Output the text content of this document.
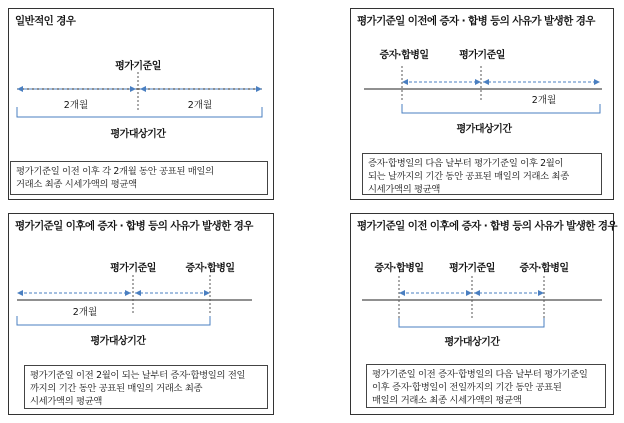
일반적인 경우
평가기준일
2개월	2개월
평가대상기간
평가기준일 이전 이후 각 2개월 동안 공표된 매일의
거래소 최종 시세가액의 평균액
평가기준일 이전에 증자 · 합병 등의 사유가 발생한 경우
증자·합병일	평가기준일
2개월
평가대상기간
증자·합병일의 다음 날부터 평가기준일 이후 2월이
되는 날까지의 기간 동안 공표된 매일의 거래소 최종
시세가액의 평균액
평가기준일 이후에 증자 · 합병 등의 사유가 발생한 경우
평가기준일	증자·합병일
2개월
평가대상기간
평가기준일 이전 2월이 되는 날부터 증자·합병일의 전일
까지의 기간 동안 공표된 매일의 거래소 최종
시세가액의 평균액
평가기준일 이전 이후에 증자 · 합병 등의 사유가 발생한 경우
증자·합병일	평가기준일 증자·합병일
평가대상기간
평가기준일 이전 증자·합병일의 다음 날부터 평가기준일
이후 증자·합병일이 전일까지의 기간 동안 공표된
매일의 거래소 최종 시세가액의 평균액
